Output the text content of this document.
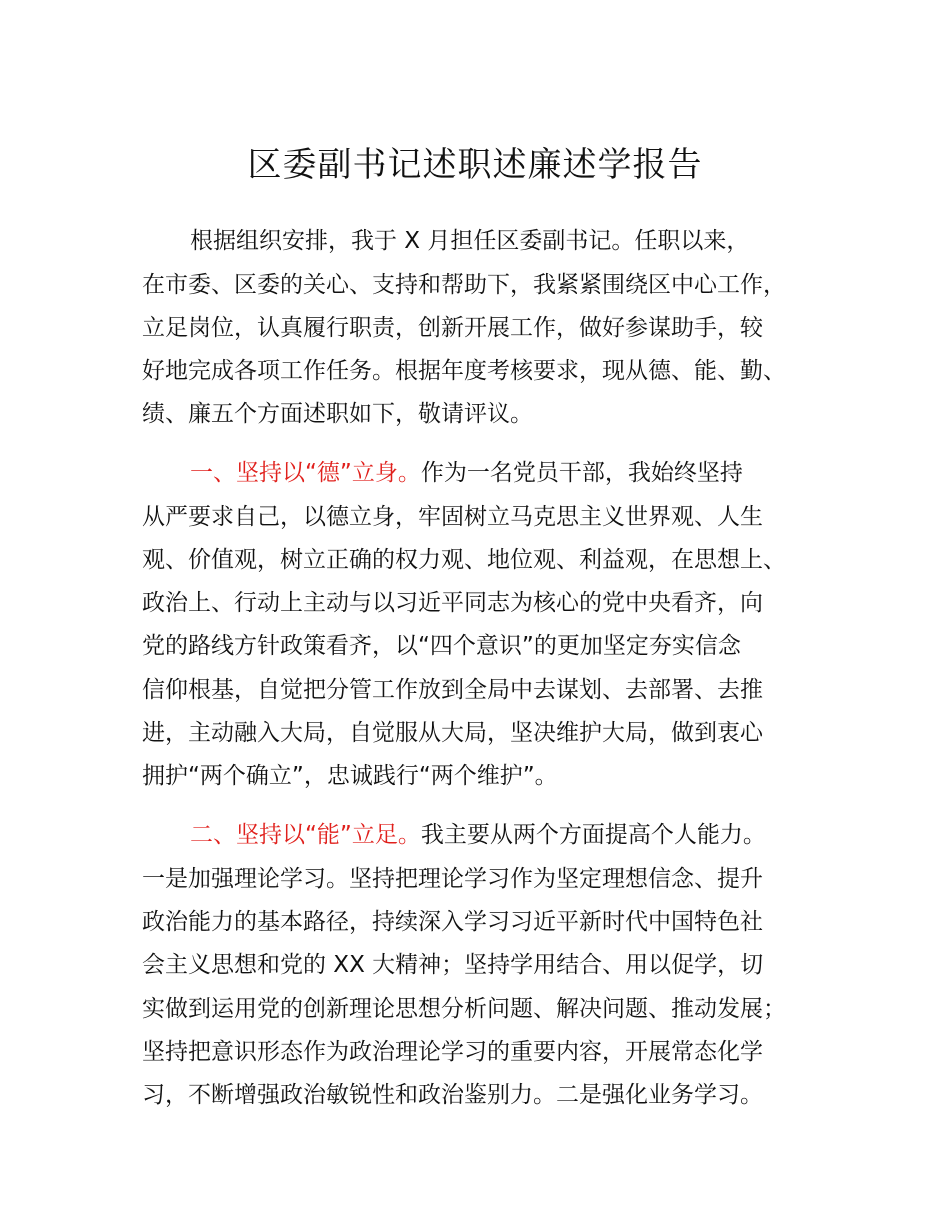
区委副书记述职述廉述学报告
根据组织安排，我于 X 月担任区委副书记。任职以来，
在市委、区委的关心、支持和帮助下，我紧紧围绕区中心工作，
立足岗位，认真履行职责，创新开展工作，做好参谋助手，较
好地完成各项工作任务。根据年度考核要求，现从德、能、勤、
绩、廉五个方面述职如下，敬请评议。
一、坚持以“德”立身。作为一名党员干部，我始终坚持
从严要求自己，以德立身，牢固树立马克思主义世界观、人生
观、价值观，树立正确的权力观、地位观、利益观，在思想上、
政治上、行动上主动与以习近平同志为核心的党中央看齐，向
党的路线方针政策看齐，以“四个意识”的更加坚定夯实信念
信仰根基，自觉把分管工作放到全局中去谋划、去部署、去推
进，主动融入大局，自觉服从大局，坚决维护大局，做到衷心
拥护“两个确立”，忠诚践行“两个维护”。
二、坚持以“能”立足。我主要从两个方面提高个人能力。
一是加强理论学习。坚持把理论学习作为坚定理想信念、提升
政治能力的基本路径，持续深入学习习近平新时代中国特色社
会主义思想和党的 XX 大精神；坚持学用结合、用以促学，切
实做到运用党的创新理论思想分析问题、解决问题、推动发展；
坚持把意识形态作为政治理论学习的重要内容，开展常态化学
习，不断增强政治敏锐性和政治鉴别力。二是强化业务学习。
